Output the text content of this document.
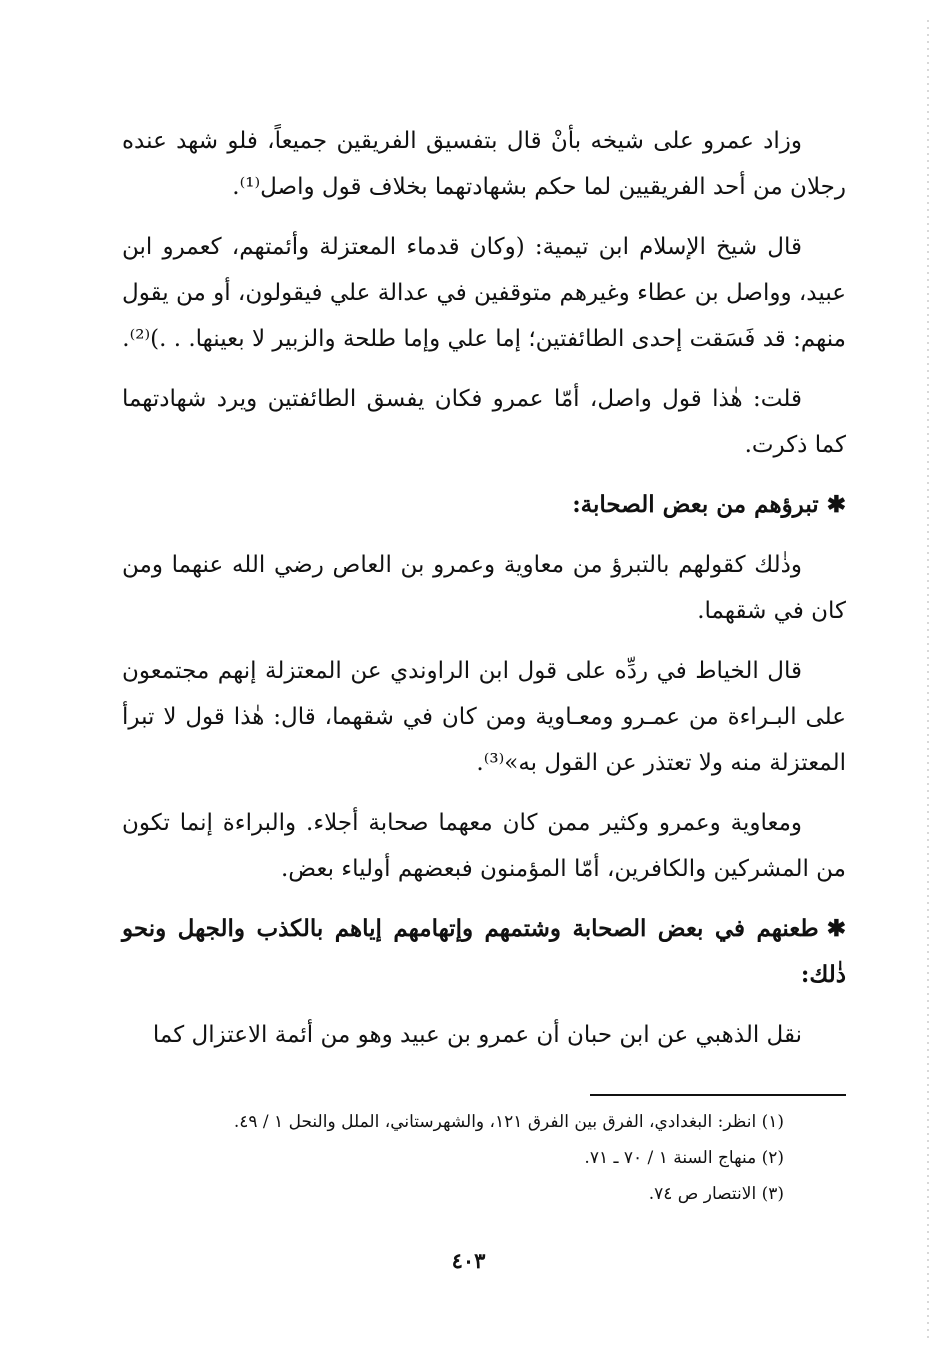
وزاد عمرو على شيخه بأنْ قال بتفسيق الفريقين جميعاً، فلو شهد عنده رجلان من أحد الفريقيين لما حكم بشهادتهما بخلاف قول واصل⁽¹⁾.

قال شيخ الإسلام ابن تيمية: (وكان قدماء المعتزلة وأئمتهم، كعمرو ابن عبيد، وواصل بن عطاء وغيرهم متوقفين في عدالة علي فيقولون، أو من يقول منهم: قد فَسَقت إحدى الطائفتين؛ إما علي وإما طلحة والزبير لا بعينها. . .)⁽²⁾.

قلت: هٰذا قول واصل، أمّا عمرو فكان يفسق الطائفتين ويرد شهادتهما كما ذكرت.

✱تبرؤهم من بعض الصحابة:

وذٰلك كقولهم بالتبرؤ من معاوية وعمرو بن العاص رضي الله عنهما ومن كان في شقهما.

قال الخياط في ردِّه على قول ابن الراوندي عن المعتزلة إنهم مجتمعون على البـراءة من عمـرو ومعـاوية ومن كان في شقهما، قال: هٰذا قول لا تبرأ المعتزلة منه ولا تعتذر عن القول به»⁽³⁾.

ومعاوية وعمرو وكثير ممن كان معهما صحابة أجلاء. والبراءة إنما تكون من المشركين والكافرين، أمّا المؤمنون فبعضهم أولياء بعض.

✱طعنهم في بعض الصحابة وشتمهم وإتهامهم إياهم بالكذب والجهل ونحو ذٰلك:

نقل الذهبي عن ابن حبان أن عمرو بن عبيد وهو من أئمة الاعتزال كما

(١) انظر: البغدادي، الفرق بين الفرق ١٢١، والشهرستاني، الملل والنحل ١ / ٤٩.

(٢) منهاج السنة ١ / ٧٠ ـ ٧١.

(٣) الانتصار ص ٧٤.

٤٠٣
